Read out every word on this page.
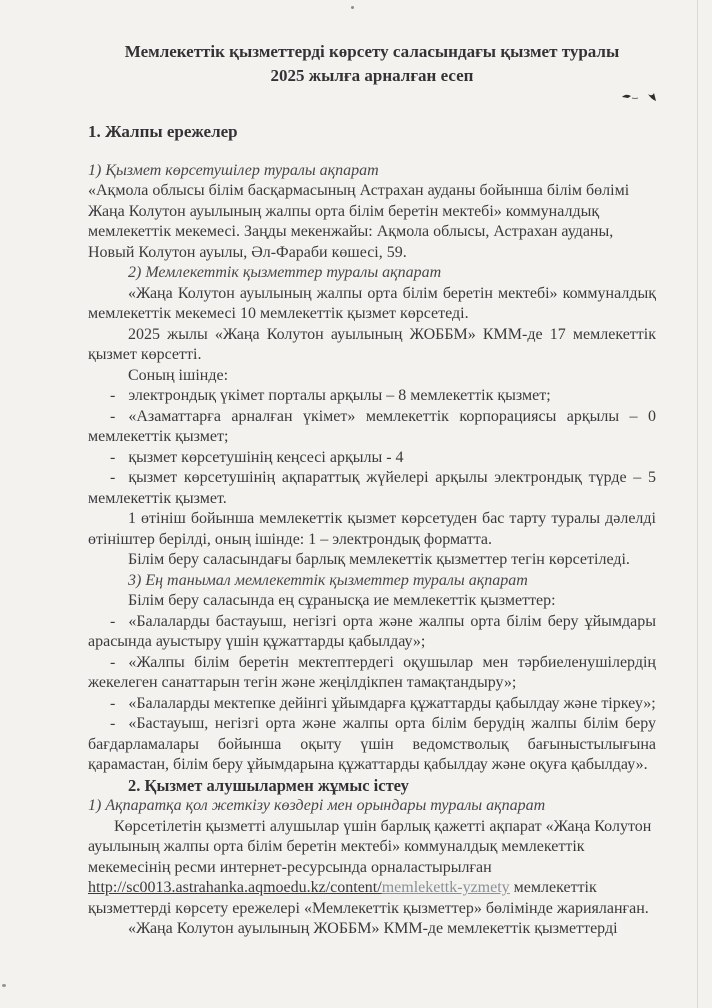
Мемлекеттік қызметтерді көрсету саласындағы қызмет туралы
2025 жылға арналған есеп
1. Жалпы ережелер

1) Қызмет көрсетушілер туралы ақпарат

«Ақмола облысы білім басқармасының Астрахан ауданы бойынша білім бөлімі Жаңа Колутон ауылының жалпы орта білім беретін мектебі» коммуналдық мемлекеттік мекемесі. Заңды мекенжайы: Ақмола облысы, Астрахан ауданы, Новый Колутон ауылы, Әл-Фараби көшесі, 59.

2) Мемлекеттік қызметтер туралы ақпарат

«Жаңа Колутон ауылының жалпы орта білім беретін мектебі» коммуналдық мемлекеттік мекемесі 10 мемлекеттік қызмет көрсетеді.

2025 жылы «Жаңа Колутон ауылының ЖОББМ» КММ-де 17 мемлекеттік қызмет көрсетті.

Соның ішінде:

- электрондық үкімет порталы арқылы – 8 мемлекеттік қызмет;

- «Азаматтарға арналған үкімет» мемлекеттік корпорациясы арқылы – 0 мемлекеттік қызмет;

- қызмет көрсетушінің кеңсесі арқылы - 4

- қызмет көрсетушінің ақпараттық жүйелері арқылы электрондық түрде – 5 мемлекеттік қызмет.

1 өтініш бойынша мемлекеттік қызмет көрсетуден бас тарту туралы дәлелді өтініштер берілді, оның ішінде: 1 – электрондық форматта.

Білім беру саласындағы барлық мемлекеттік қызметтер тегін көрсетіледі.

3) Ең танымал мемлекеттік қызметтер туралы ақпарат

Білім беру саласында ең сұранысқа ие мемлекеттік қызметтер:

- «Балаларды бастауыш, негізгі орта және жалпы орта білім беру ұйымдары арасында ауыстыру үшін құжаттарды қабылдау»;

- «Жалпы білім беретін мектептердегі оқушылар мен тәрбиеленушілердің жекелеген санаттарын тегін және жеңілдікпен тамақтандыру»;

- «Балаларды мектепке дейінгі ұйымдарға құжаттарды қабылдау және тіркеу»;

- «Бастауыш, негізгі орта және жалпы орта білім берудің жалпы білім беру бағдарламалары бойынша оқыту үшін ведомстволық бағыныстылығына қарамастан, білім беру ұйымдарына құжаттарды қабылдау және оқуға қабылдау».

2. Қызмет алушылармен жұмыс істеу

1) Ақпаратқа қол жеткізу көздері мен орындары туралы ақпарат

Көрсетілетін қызметті алушылар үшін барлық қажетті ақпарат «Жаңа Колутон ауылының жалпы орта білім беретін мектебі» коммуналдық мемлекеттік мекемесінің ресми интернет-ресурсында орналастырылған http://sc0013.astrahanka.aqmoedu.kz/content/memlekettk-yzmety мемлекеттік қызметтерді көрсету ережелері «Мемлекеттік қызметтер» бөлімінде жарияланған.

«Жаңа Колутон ауылының ЖОББМ» КММ-де мемлекеттік қызметтерді
